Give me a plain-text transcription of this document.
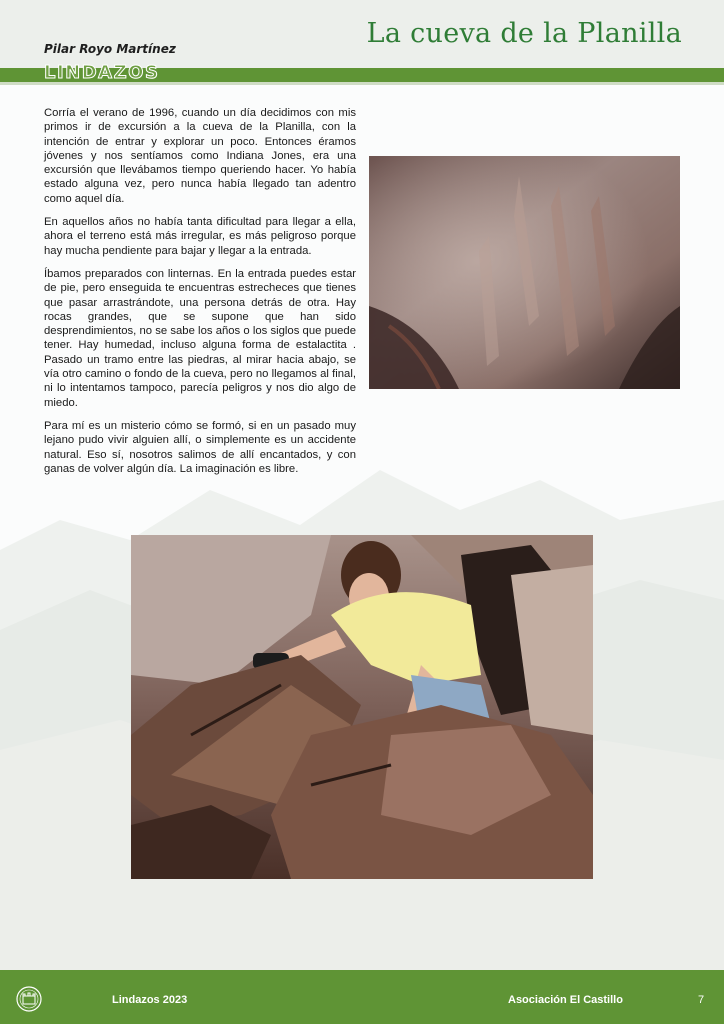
Pilar Royo Martínez	La cueva de la Planilla
LINDAZOS

Corría el verano de 1996, cuando un día decidimos con mis primos ir de excursión a la cueva de la Planilla, con la intención de entrar y explorar un poco. Entonces éramos jóvenes y nos sentíamos como Indiana Jones, era una excursión que llevábamos tiempo queriendo hacer. Yo había estado alguna vez, pero nunca había llegado tan adentro como aquel día.

En aquellos años no había tanta dificultad para llegar a ella, ahora el terreno está más irregular, es más peligroso porque hay mucha pendiente para bajar y llegar a la entrada.

Íbamos preparados con linternas. En la entrada puedes estar de pie, pero enseguida te encuentras estrecheces que tienes que pasar arrastrándote, una persona detrás de otra. Hay rocas grandes, que se supone que han sido desprendimientos, no se sabe los años o los siglos que puede tener. Hay humedad, incluso alguna forma de estalactita . Pasado un tramo entre las piedras, al mirar hacia abajo, se vía otro camino o fondo de la cueva, pero no llegamos al final, ni lo intentamos tampoco, parecía peligros y nos dio algo de miedo.

Para mí es un misterio cómo se formó, si en un pasado muy lejano pudo vivir alguien allí, o simplemente es un accidente natural. Eso sí, nosotros salimos de allí encantados, y con ganas de volver algún día. La imaginación es libre.

Lindazos 2023	Asociación El Castillo	7
